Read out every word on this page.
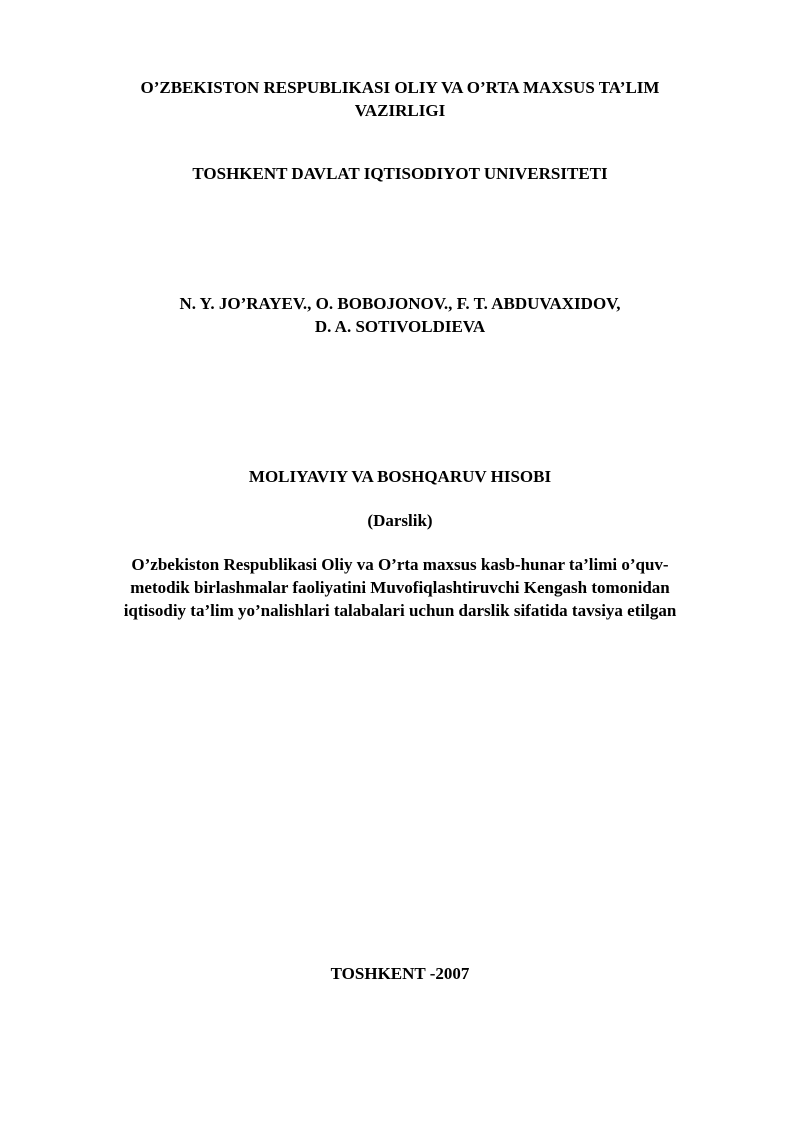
O’ZBEKISTON RESPUBLIKASI OLIY VA O’RTA MAXSUS TA’LIM
VAZIRLIGI
TOSHKENT DAVLAT IQTISODIYOT UNIVERSITETI
N. Y. JO’RAYEV., O. BOBOJONOV., F. T. ABDUVAXIDOV,
D. A. SOTIVOLDIEVA
MOLIYAVIY VA BOSHQARUV HISOBI
(Darslik)
O’zbekiston Respublikasi Oliy va O’rta maxsus kasb-hunar ta’limi o’quv-
metodik birlashmalar faoliyatini Muvofiqlashtiruvchi Kengash tomonidan
iqtisodiy ta’lim yo’nalishlari talabalari uchun darslik sifatida tavsiya etilgan
TOSHKENT -2007
